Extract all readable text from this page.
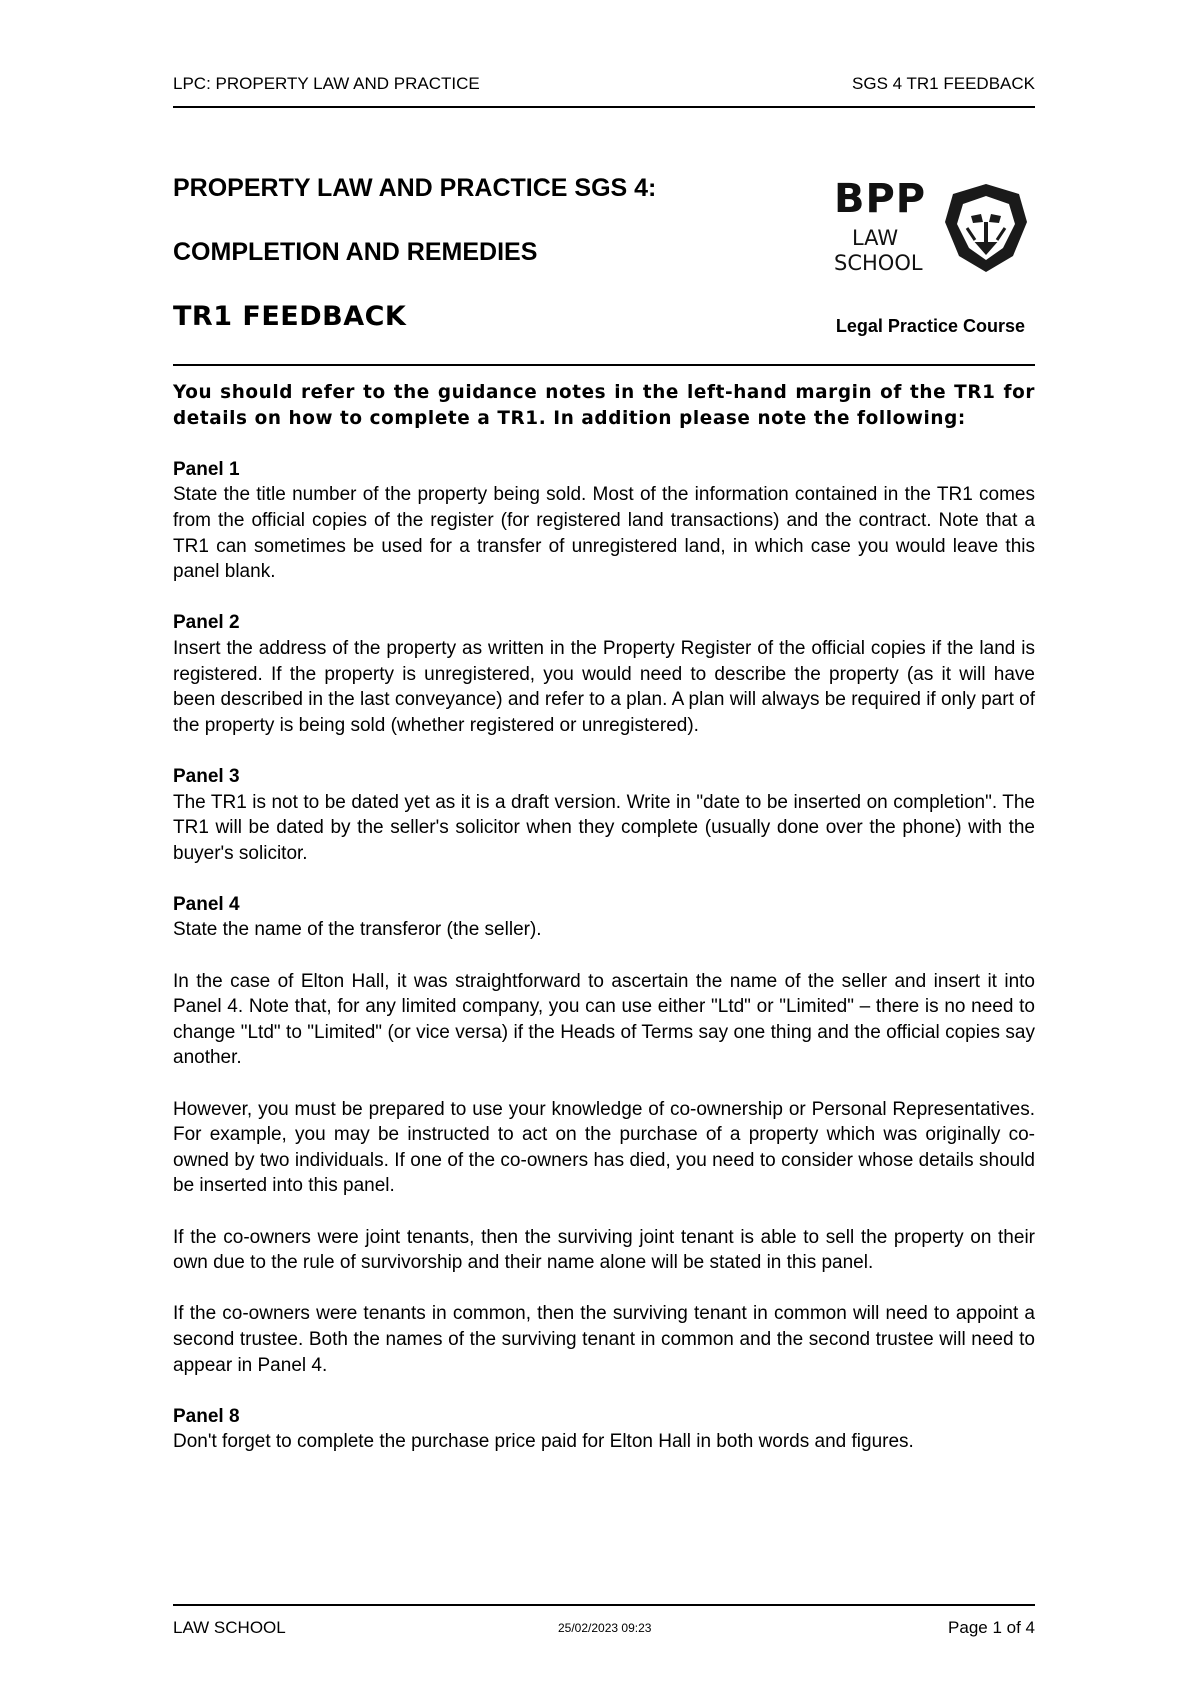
LPC: PROPERTY LAW AND PRACTICE	SGS 4 TR1 FEEDBACK
PROPERTY LAW AND PRACTICE SGS 4:
COMPLETION AND REMEDIES
TR1 FEEDBACK
BPP
LAW
SCHOOL
Legal Practice Course

You should refer to the guidance notes in the left-hand margin of the TR1 for details on how to complete a TR1. In addition please note the following:

Panel 1
State the title number of the property being sold. Most of the information contained in the TR1 comes from the official copies of the register (for registered land transactions) and the contract. Note that a TR1 can sometimes be used for a transfer of unregistered land, in which case you would leave this panel blank.

Panel 2
Insert the address of the property as written in the Property Register of the official copies if the land is registered. If the property is unregistered, you would need to describe the property (as it will have been described in the last conveyance) and refer to a plan. A plan will always be required if only part of the property is being sold (whether registered or unregistered).

Panel 3
The TR1 is not to be dated yet as it is a draft version. Write in "date to be inserted on completion". The TR1 will be dated by the seller's solicitor when they complete (usually done over the phone) with the buyer's solicitor.

Panel 4
State the name of the transferor (the seller).

In the case of Elton Hall, it was straightforward to ascertain the name of the seller and insert it into Panel 4. Note that, for any limited company, you can use either "Ltd" or "Limited" – there is no need to change "Ltd" to "Limited" (or vice versa) if the Heads of Terms say one thing and the official copies say another.

However, you must be prepared to use your knowledge of co-ownership or Personal Representatives. For example, you may be instructed to act on the purchase of a property which was originally co-owned by two individuals. If one of the co-owners has died, you need to consider whose details should be inserted into this panel.

If the co-owners were joint tenants, then the surviving joint tenant is able to sell the property on their own due to the rule of survivorship and their name alone will be stated in this panel.

If the co-owners were tenants in common, then the surviving tenant in common will need to appoint a second trustee. Both the names of the surviving tenant in common and the second trustee will need to appear in Panel 4.

Panel 8
Don't forget to complete the purchase price paid for Elton Hall in both words and figures.

LAW SCHOOL	25/02/2023 09:23	Page 1 of 4
